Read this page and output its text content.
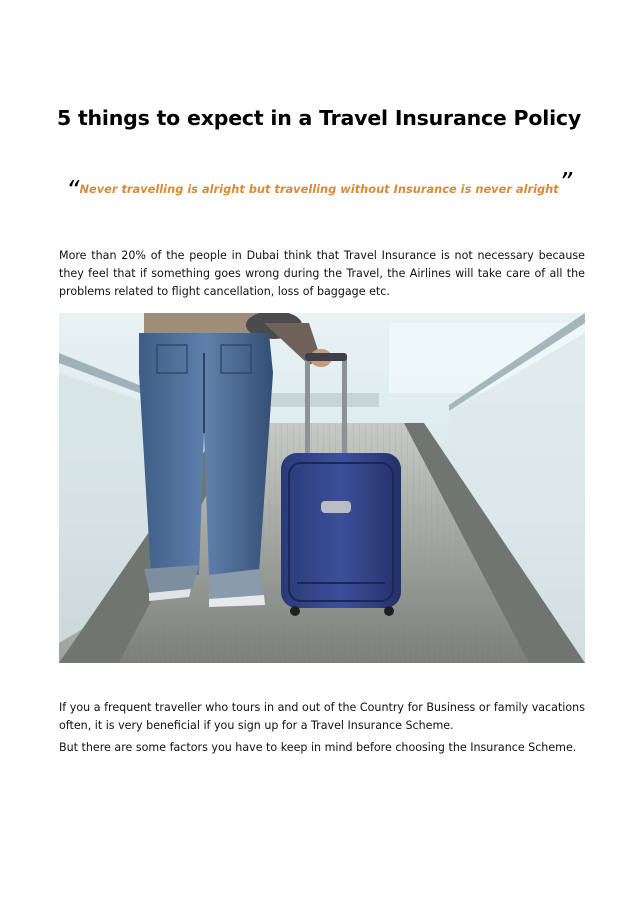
5 things to expect in a Travel Insurance Policy
“Never travelling is alright but travelling without Insurance is never alright”

More than 20% of the people in Dubai think that Travel Insurance is not necessary because they feel that if something goes wrong during the Travel, the Airlines will take care of all the problems related to flight cancellation, loss of baggage etc.

If you a frequent traveller who tours in and out of the Country for Business or family vacations often, it is very beneficial if you sign up for a Travel Insurance Scheme.

But there are some factors you have to keep in mind before choosing the Insurance Scheme.
